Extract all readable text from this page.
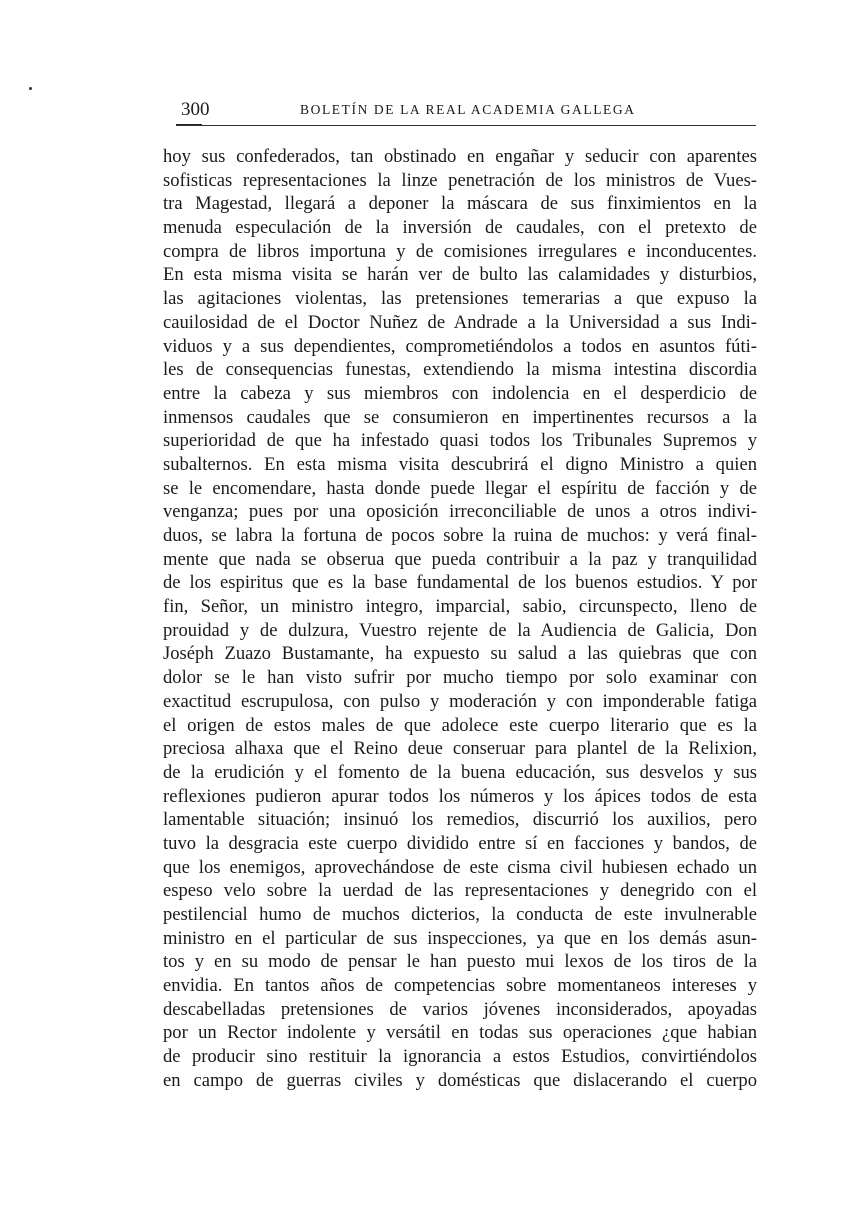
300	BOLETÍN DE LA REAL ACADEMIA GALLEGA
hoy sus confederados, tan obstinado en engañar y seducir con aparentes
sofisticas representaciones la linze penetración de los ministros de Vues-
tra Magestad, llegará a deponer la máscara de sus finximientos en la
menuda especulación de la inversión de caudales, con el pretexto de
compra de libros importuna y de comisiones irregulares e inconducentes.
En esta misma visita se harán ver de bulto las calamidades y disturbios,
las agitaciones violentas, las pretensiones temerarias a que expuso la
cauilosidad de el Doctor Nuñez de Andrade a la Universidad a sus Indi-
viduos y a sus dependientes, comprometiéndolos a todos en asuntos fúti-
les de consequencias funestas, extendiendo la misma intestina discordia
entre la cabeza y sus miembros con indolencia en el desperdicio de
inmensos caudales que se consumieron en impertinentes recursos a la
superioridad de que ha infestado quasi todos los Tribunales Supremos y
subalternos. En esta misma visita descubrirá el digno Ministro a quien
se le encomendare, hasta donde puede llegar el espíritu de facción y de
venganza; pues por una oposición irreconciliable de unos a otros indivi-
duos, se labra la fortuna de pocos sobre la ruina de muchos: y verá final-
mente que nada se obserua que pueda contribuir a la paz y tranquilidad
de los espiritus que es la base fundamental de los buenos estudios. Y por
fin, Señor, un ministro integro, imparcial, sabio, circunspecto, lleno de
prouidad y de dulzura, Vuestro rejente de la Audiencia de Galicia, Don
Joséph Zuazo Bustamante, ha expuesto su salud a las quiebras que con
dolor se le han visto sufrir por mucho tiempo por solo examinar con
exactitud escrupulosa, con pulso y moderación y con imponderable fatiga
el origen de estos males de que adolece este cuerpo literario que es la
preciosa alhaxa que el Reino deue conseruar para plantel de la Relixion,
de la erudición y el fomento de la buena educación, sus desvelos y sus
reflexiones pudieron apurar todos los números y los ápices todos de esta
lamentable situación; insinuó los remedios, discurrió los auxilios, pero
tuvo la desgracia este cuerpo dividido entre sí en facciones y bandos, de
que los enemigos, aprovechándose de este cisma civil hubiesen echado un
espeso velo sobre la uerdad de las representaciones y denegrido con el
pestilencial humo de muchos dicterios, la conducta de este invulnerable
ministro en el particular de sus inspecciones, ya que en los demás asun-
tos y en su modo de pensar le han puesto mui lexos de los tiros de la
envidia. En tantos años de competencias sobre momentaneos intereses y
descabelladas pretensiones de varios jóvenes inconsiderados, apoyadas
por un Rector indolente y versátil en todas sus operaciones ¿que habian
de producir sino restituir la ignorancia a estos Estudios, convirtiéndolos
en campo de guerras civiles y domésticas que dislacerando el cuerpo
